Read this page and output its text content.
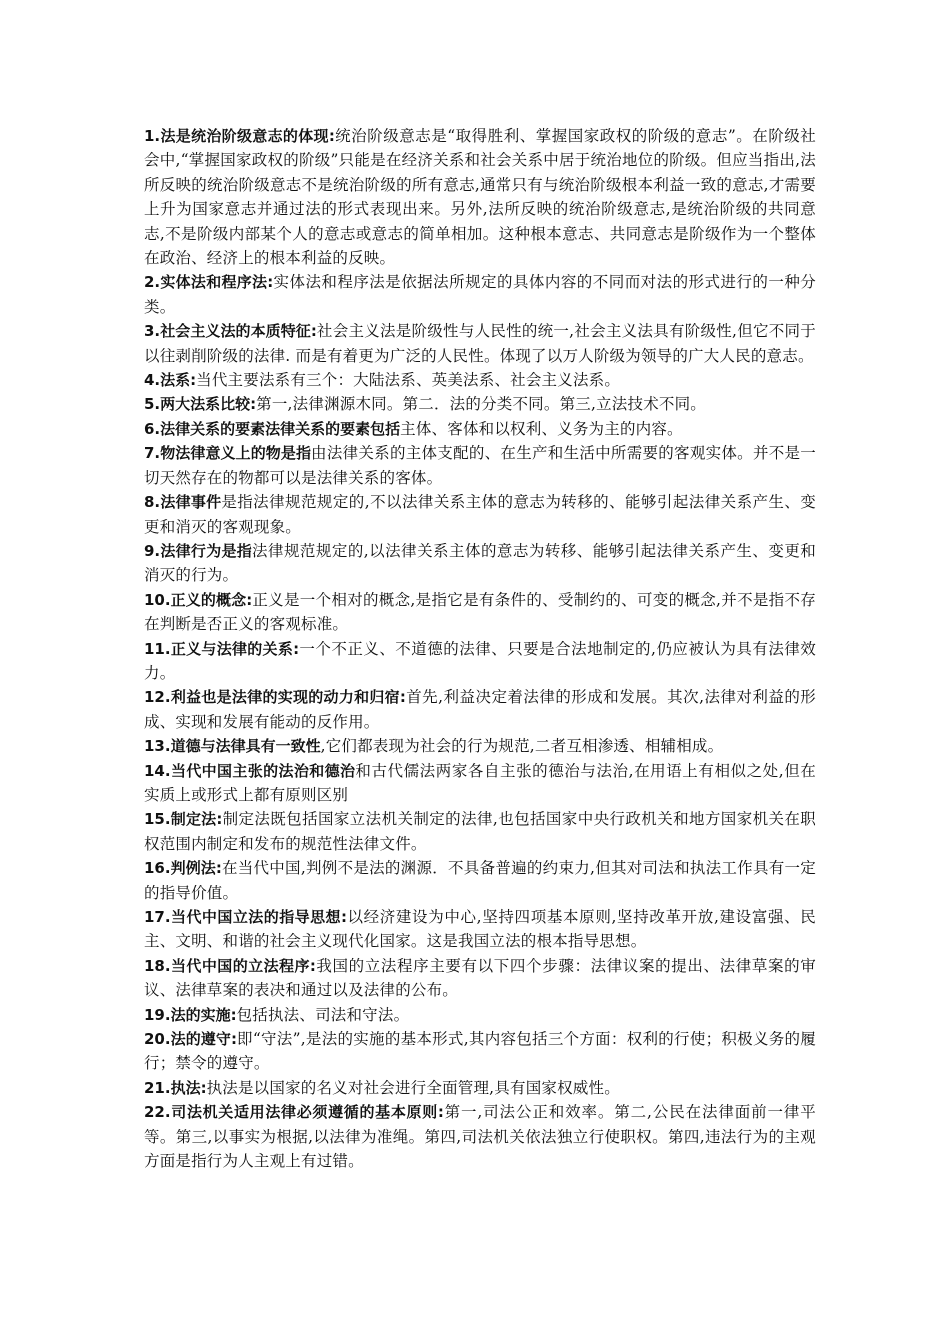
1.法是统治阶级意志的体现:统治阶级意志是“取得胜利、掌握国家政权的阶级的意志”。在阶级社会中,“掌握国家政权的阶级”只能是在经济关系和社会关系中居于统治地位的阶级。但应当指出,法所反映的统治阶级意志不是统治阶级的所有意志,通常只有与统治阶级根本利益一致的意志,才需要上升为国家意志并通过法的形式表现出来。另外,法所反映的统治阶级意志,是统治阶级的共同意志,不是阶级内部某个人的意志或意志的简单相加。这种根本意志、共同意志是阶级作为一个整体在政治、经济上的根本利益的反映。

2.实体法和程序法:实体法和程序法是依据法所规定的具体内容的不同而对法的形式进行的一种分类。

3.社会主义法的本质特征:社会主义法是阶级性与人民性的统一,社会主义法具有阶级性,但它不同于以往剥削阶级的法律. 而是有着更为广泛的人民性。体现了以万人阶级为领导的广大人民的意志。

4.法系:当代主要法系有三个：大陆法系、英美法系、社会主义法系。

5.两大法系比较:第一,法律渊源木同。第二．法的分类不同。第三,立法技术不同。

6.法律关系的要素法律关系的要素包括主体、客体和以权利、义务为主的内容。

7.物法律意义上的物是指由法律关系的主体支配的、在生产和生活中所需要的客观实体。并不是一切天然存在的物都可以是法律关系的客体。

8.法律事件是指法律规范规定的,不以法律关系主体的意志为转移的、能够引起法律关系产生、变更和消灭的客观现象。

9.法律行为是指法律规范规定的,以法律关系主体的意志为转移、能够引起法律关系产生、变更和消灭的行为。

10.正义的概念:正义是一个相对的概念,是指它是有条件的、受制约的、可变的概念,并不是指不存在判断是否正义的客观标准。

11.正义与法律的关系:一个不正义、不道德的法律、只要是合法地制定的,仍应被认为具有法律效力。

12.利益也是法律的实现的动力和归宿:首先,利益决定着法律的形成和发展。其次,法律对利益的形成、实现和发展有能动的反作用。

13.道德与法律具有一致性,它们都表现为社会的行为规范,二者互相渗透、相辅相成。

14.当代中国主张的法治和德治和古代儒法两家各自主张的德治与法治,在用语上有相似之处,但在实质上或形式上都有原则区别

15.制定法:制定法既包括国家立法机关制定的法律,也包括国家中央行政机关和地方国家机关在职权范围内制定和发布的规范性法律文件。

16.判例法:在当代中国,判例不是法的渊源．不具备普遍的约束力,但其对司法和执法工作具有一定的指导价值。

17.当代中国立法的指导思想:以经济建设为中心,坚持四项基本原则,坚持改革开放,建设富强、民主、文明、和谐的社会主义现代化国家。这是我国立法的根本指导思想。

18.当代中国的立法程序:我国的立法程序主要有以下四个步骤：法律议案的提出、法律草案的审议、法律草案的表决和通过以及法律的公布。

19.法的实施:包括执法、司法和守法。

20.法的遵守:即“守法”,是法的实施的基本形式,其内容包括三个方面：权利的行使；积极义务的履行；禁令的遵守。

21.执法:执法是以国家的名义对社会进行全面管理,具有国家权威性。

22.司法机关适用法律必须遵循的基本原则:第一,司法公正和效率。第二,公民在法律面前一律平等。第三,以事实为根据,以法律为准绳。第四,司法机关依法独立行使职权。第四,违法行为的主观方面是指行为人主观上有过错。
